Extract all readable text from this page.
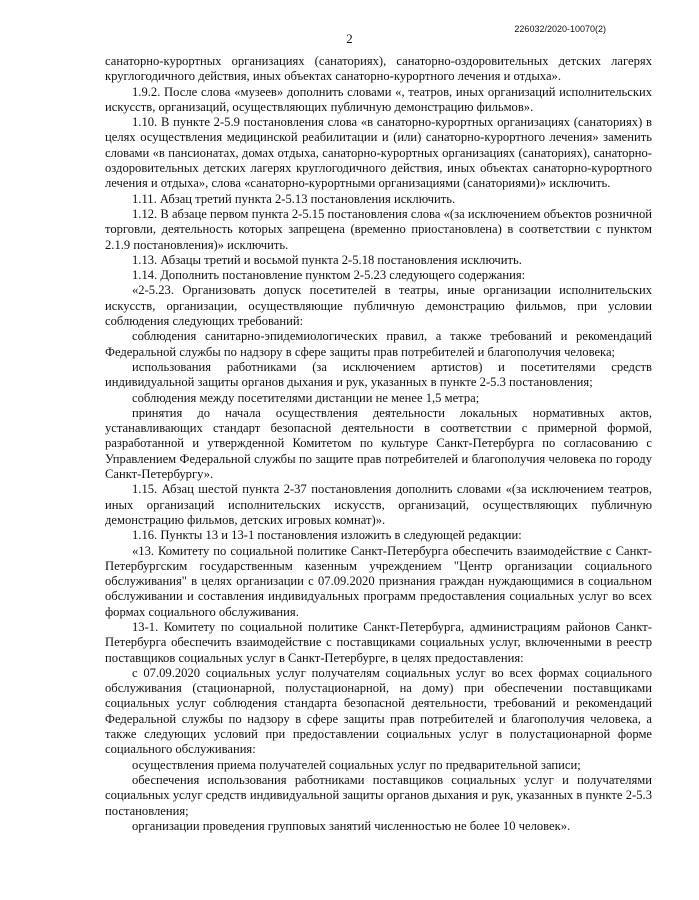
2
226032/2020-10070(2)

санаторно-курортных организациях (санаториях), санаторно-оздоровительных детских лагерях круглогодичного действия, иных объектах санаторно-курортного лечения и отдыха».

1.9.2. После слова «музеев» дополнить словами «, театров, иных организаций исполнительских искусств, организаций, осуществляющих публичную демонстрацию фильмов».

1.10. В пункте 2-5.9 постановления слова «в санаторно-курортных организациях (санаториях) в целях осуществления медицинской реабилитации и (или) санаторно-курортного лечения» заменить словами «в пансионатах, домах отдыха, санаторно-курортных организациях (санаториях), санаторно-оздоровительных детских лагерях круглогодичного действия, иных объектах санаторно-курортного лечения и отдыха», слова «санаторно-курортными организациями (санаториями)» исключить.

1.11. Абзац третий пункта 2-5.13 постановления исключить.

1.12. В абзаце первом пункта 2-5.15 постановления слова «(за исключением объектов розничной торговли, деятельность которых запрещена (временно приостановлена) в соответствии с пунктом 2.1.9 постановления)» исключить.

1.13. Абзацы третий и восьмой пункта 2-5.18 постановления исключить.

1.14. Дополнить постановление пунктом 2-5.23 следующего содержания:

«2-5.23. Организовать допуск посетителей в театры, иные организации исполнительских искусств, организации, осуществляющие публичную демонстрацию фильмов, при условии соблюдения следующих требований:

соблюдения санитарно-эпидемиологических правил, а также требований и рекомендаций Федеральной службы по надзору в сфере защиты прав потребителей и благополучия человека;

использования работниками (за исключением артистов) и посетителями средств индивидуальной защиты органов дыхания и рук, указанных в пункте 2-5.3 постановления;

соблюдения между посетителями дистанции не менее 1,5 метра;

принятия до начала осуществления деятельности локальных нормативных актов, устанавливающих стандарт безопасной деятельности в соответствии с примерной формой, разработанной и утвержденной Комитетом по культуре Санкт-Петербурга по согласованию с Управлением Федеральной службы по защите прав потребителей и благополучия человека по городу Санкт-Петербургу».

1.15. Абзац шестой пункта 2-37 постановления дополнить словами «(за исключением театров, иных организаций исполнительских искусств, организаций, осуществляющих публичную демонстрацию фильмов, детских игровых комнат)».

1.16. Пункты 13 и 13-1 постановления изложить в следующей редакции:

«13. Комитету по социальной политике Санкт-Петербурга обеспечить взаимодействие с Санкт-Петербургским государственным казенным учреждением "Центр организации социального обслуживания" в целях организации с 07.09.2020 признания граждан нуждающимися в социальном обслуживании и составления индивидуальных программ предоставления социальных услуг во всех формах социального обслуживания.

13-1. Комитету по социальной политике Санкт-Петербурга, администрациям районов Санкт-Петербурга обеспечить взаимодействие с поставщиками социальных услуг, включенными в реестр поставщиков социальных услуг в Санкт-Петербурге, в целях предоставления:

с 07.09.2020 социальных услуг получателям социальных услуг во всех формах социального обслуживания (стационарной, полустационарной, на дому) при обеспечении поставщиками социальных услуг соблюдения стандарта безопасной деятельности, требований и рекомендаций Федеральной службы по надзору в сфере защиты прав потребителей и благополучия человека, а также следующих условий при предоставлении социальных услуг в полустационарной форме социального обслуживания:

осуществления приема получателей социальных услуг по предварительной записи;

обеспечения использования работниками поставщиков социальных услуг и получателями социальных услуг средств индивидуальной защиты органов дыхания и рук, указанных в пункте 2-5.3 постановления;

организации проведения групповых занятий численностью не более 10 человек».
